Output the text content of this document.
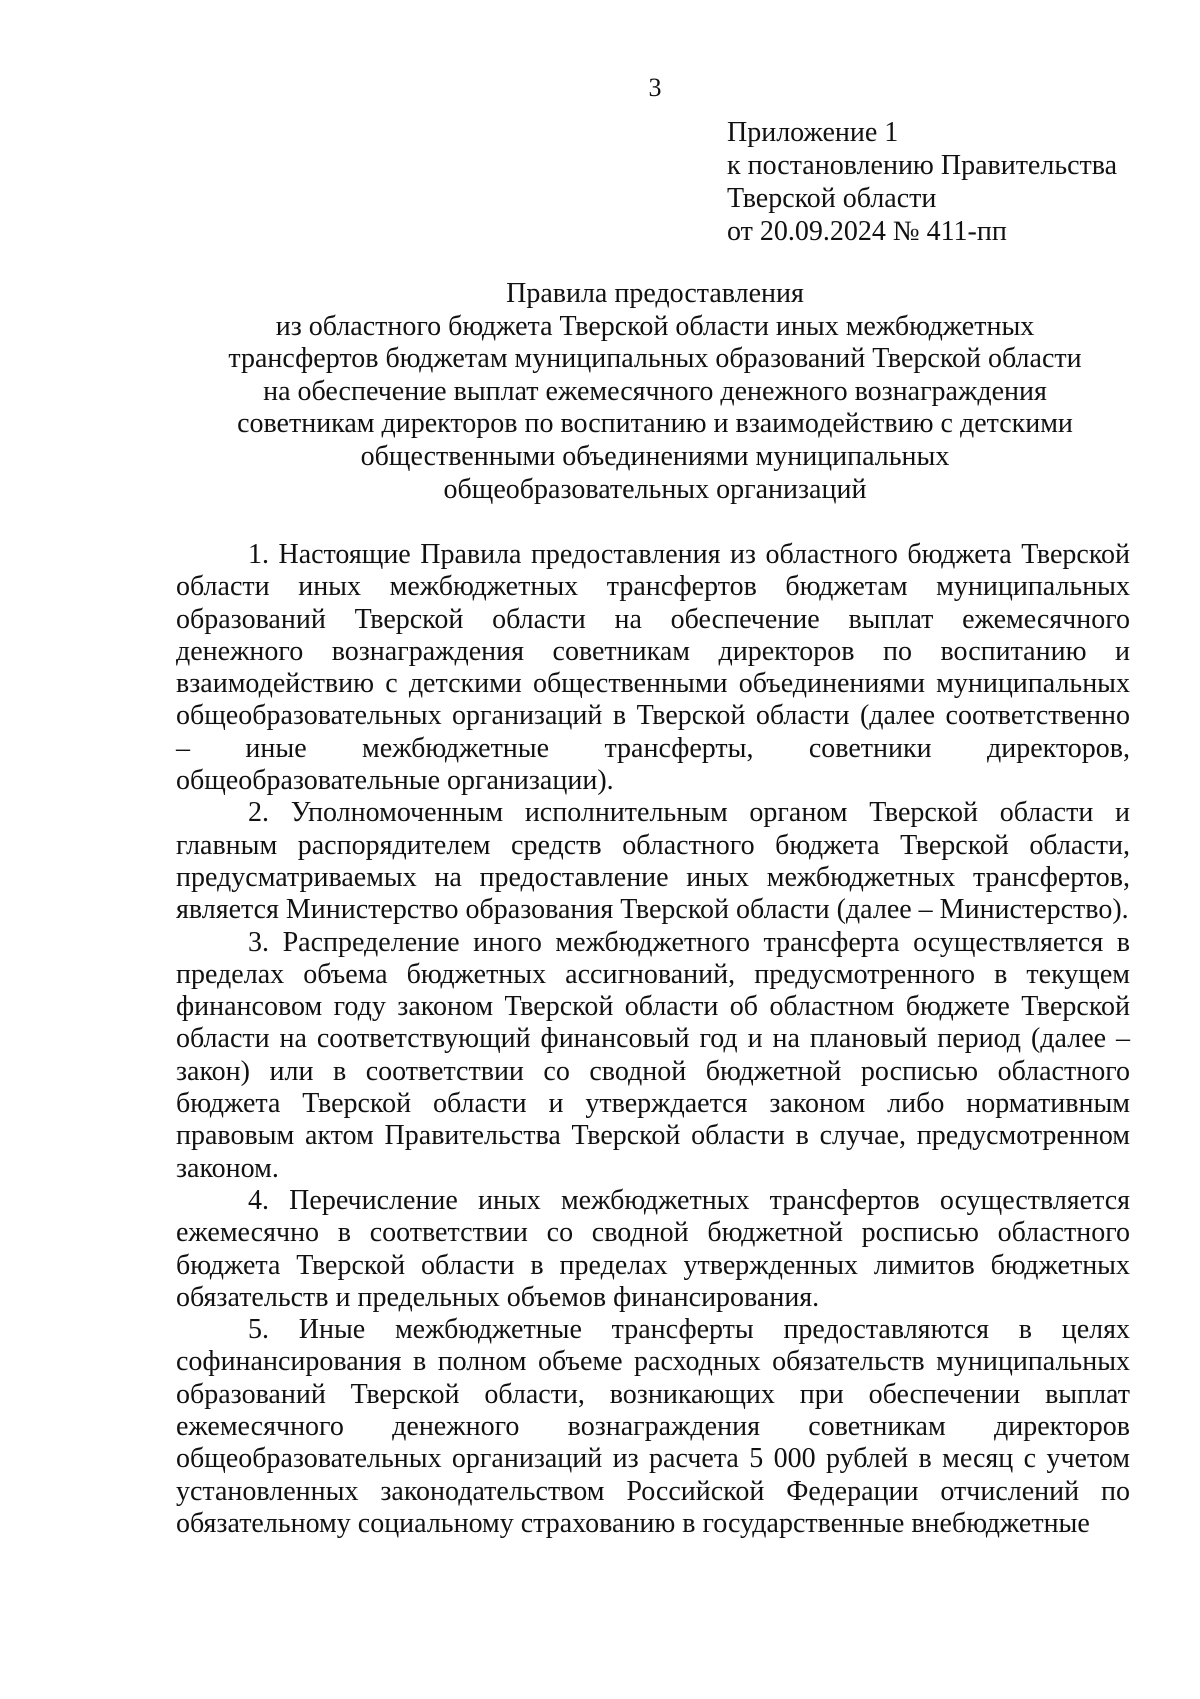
3
Приложение 1
к постановлению Правительства
Тверской области
от 20.09.2024 № 411-пп
Правила предоставления
из областного бюджета Тверской области иных межбюджетных
трансфертов бюджетам муниципальных образований Тверской области
на обеспечение выплат ежемесячного денежного вознаграждения
советникам директоров по воспитанию и взаимодействию с детскими
общественными объединениями муниципальных
общеобразовательных организаций

1. Настоящие Правила предоставления из областного бюджета Тверской области иных межбюджетных трансфертов бюджетам муниципальных образований Тверской области на обеспечение выплат ежемесячного денежного вознаграждения советникам директоров по воспитанию и взаимодействию с детскими общественными объединениями муниципальных общеобразовательных организаций в Тверской области (далее соответственно – иные межбюджетные трансферты, советники директоров, общеобразовательные организации).

2. Уполномоченным исполнительным органом Тверской области и главным распорядителем средств областного бюджета Тверской области, предусматриваемых на предоставление иных межбюджетных трансфертов, является Министерство образования Тверской области (далее – Министерство).

3. Распределение иного межбюджетного трансферта осуществляется в пределах объема бюджетных ассигнований, предусмотренного в текущем финансовом году законом Тверской области об областном бюджете Тверской области на соответствующий финансовый год и на плановый период (далее – закон) или в соответствии со сводной бюджетной росписью областного бюджета Тверской области и утверждается законом либо нормативным правовым актом Правительства Тверской области в случае, предусмотренном законом.

4. Перечисление иных межбюджетных трансфертов осуществляется ежемесячно в соответствии со сводной бюджетной росписью областного бюджета Тверской области в пределах утвержденных лимитов бюджетных обязательств и предельных объемов финансирования.

5. Иные межбюджетные трансферты предоставляются в целях софинансирования в полном объеме расходных обязательств муниципальных образований Тверской области, возникающих при обеспечении выплат ежемесячного денежного вознаграждения советникам директоров общеобразовательных организаций из расчета 5 000 рублей в месяц с учетом установленных законодательством Российской Федерации отчислений по обязательному социальному страхованию в государственные внебюджетные
